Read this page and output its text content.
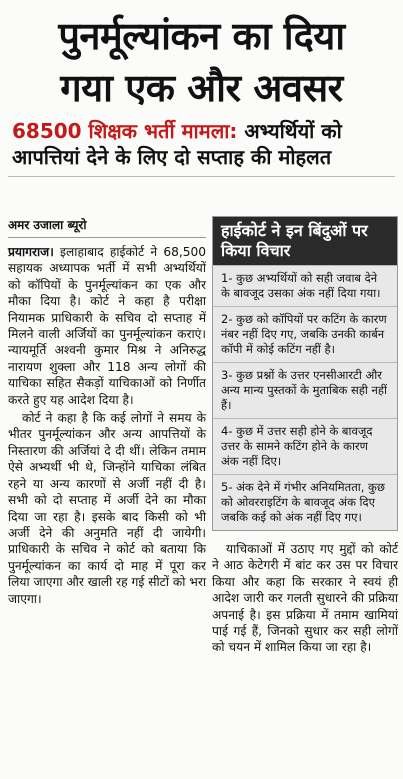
पुनर्मूल्यांकन का दिया
गया एक और अवसर
68500 शिक्षक भर्ती मामला: अभ्यर्थियों को आपत्तियां देने के लिए दो सप्ताह की मोहलत
अमर उजाला ब्यूरो

प्रयागराज। इलाहाबाद हाईकोर्ट ने 68,500 सहायक अध्यापक भर्ती में सभी अभ्यर्थियों को कॉपियों के पुनर्मूल्यांकन का एक और मौका दिया है। कोर्ट ने कहा है परीक्षा नियामक प्राधिकारी के सचिव दो सप्ताह में मिलने वाली अर्जियों का पुनर्मूल्यांकन कराएं। न्यायमूर्ति अश्वनी कुमार मिश्र ने अनिरुद्ध नारायण शुक्ला और 118 अन्य लोगों की याचिका सहित सैकड़ों याचिकाओं को निर्णीत करते हुए यह आदेश दिया है।

कोर्ट ने कहा है कि कई लोगों ने समय के भीतर पुनर्मूल्यांकन और अन्य आपत्तियों के निस्तारण की अर्जियां दे दी थीं। लेकिन तमाम ऐसे अभ्यर्थी भी थे, जिन्होंने याचिका लंबित रहने या अन्य कारणों से अर्जी नहीं दी है। सभी को दो सप्ताह में अर्जी देने का मौका दिया जा रहा है। इसके बाद किसी को भी अर्जी देने की अनुमति नहीं दी जायेगी। प्राधिकारी के सचिव ने कोर्ट को बताया कि पुनर्मूल्यांकन का कार्य दो माह में पूरा कर लिया जाएगा और खाली रह गई सीटों को भरा जाएगा।

हाईकोर्ट ने इन बिंदुओं पर किया विचार
1- कुछ अभ्यर्थियों को सही जवाब देने के बावजूद उसका अंक नहीं दिया गया।
2- कुछ को कॉपियों पर कटिंग के कारण नंबर नहीं दिए गए, जबकि उनकी कार्बन कॉपी में कोई कटिंग नहीं है।
3- कुछ प्रश्नों के उत्तर एनसीआरटी और अन्य मान्य पुस्तकों के मुताबिक सही नहीं हैं।
4- कुछ में उत्तर सही होने के बावजूद उत्तर के सामने कटिंग होने के कारण अंक नहीं दिए।
5- अंक देने में गंभीर अनियमितता, कुछ को ओवरराइटिंग के बावजूद अंक दिए जबकि कई को अंक नहीं दिए गए।

याचिकाओं में उठाए गए मुद्दों को कोर्ट ने आठ केटेगरी में बांट कर उस पर विचार किया और कहा कि सरकार ने स्वयं ही आदेश जारी कर गलती सुधारने की प्रक्रिया अपनाई है। इस प्रक्रिया में तमाम खामियां पाई गई हैं, जिनको सुधार कर सही लोगों को चयन में शामिल किया जा रहा है।
